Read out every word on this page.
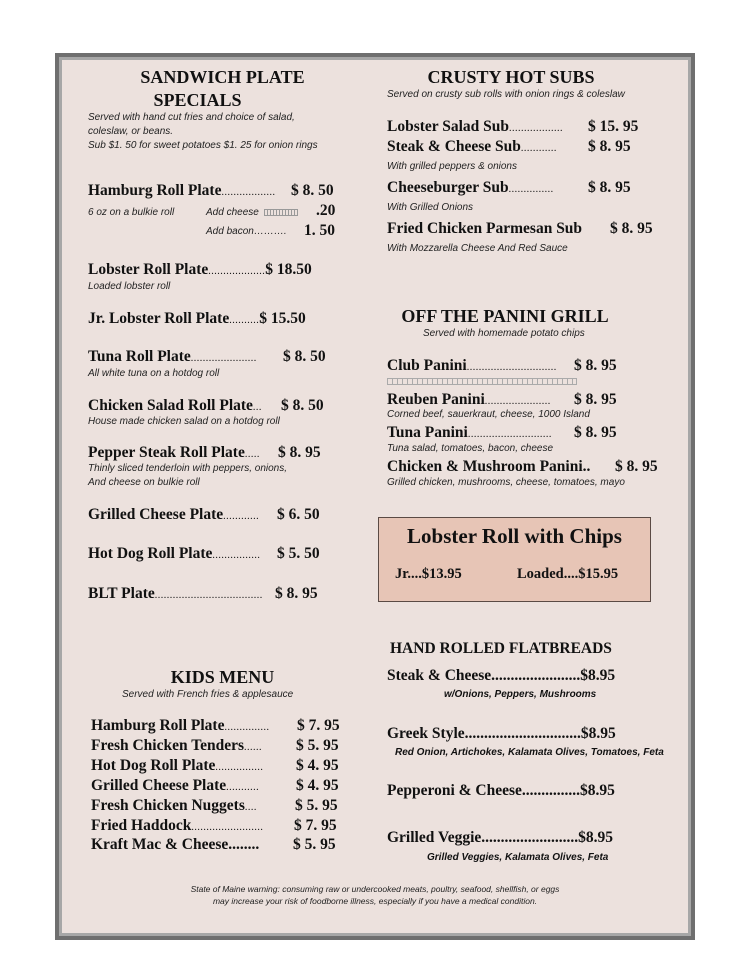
SANDWICH PLATE
SPECIALS
Served with hand cut fries and choice of salad,
coleslaw, or beans.
Sub $1. 50 for sweet potatoes $1. 25 for onion rings
Hamburg Roll Plate.................. $ 8. 50
6 oz on a bulkie roll	Add cheese	.20
Add bacon………. 1. 50
Lobster Roll Plate...................$ 18.50
Loaded lobster roll
Jr. Lobster Roll Plate..........$ 15.50
Tuna Roll Plate...................... $ 8. 50
All white tuna on a hotdog roll
Chicken Salad Roll Plate... $ 8. 50
House made chicken salad on a hotdog roll
Pepper Steak Roll Plate..... $ 8. 95
Thinly sliced tenderloin with peppers, onions,
And cheese on bulkie roll
Grilled Cheese Plate............ $ 6. 50
Hot Dog Roll Plate................ $ 5. 50
BLT Plate.................................... $ 8. 95
KIDS MENU
Served with French fries & applesauce
Hamburg Roll Plate............... $ 7. 95
Fresh Chicken Tenders...... $ 5. 95
Hot Dog Roll Plate................ $ 4. 95
Grilled Cheese Plate........... $ 4. 95
Fresh Chicken Nuggets.... $ 5. 95
Fried Haddock........................ $ 7. 95
Kraft Mac & Cheese........ $ 5. 95
CRUSTY HOT SUBS
Served on crusty sub rolls with onion rings & coleslaw
Lobster Salad Sub.................. $ 15. 95
Steak & Cheese Sub............ $ 8. 95
With grilled peppers & onions
Cheeseburger Sub............... $ 8. 95
With Grilled Onions
Fried Chicken Parmesan Sub $ 8. 95
With Mozzarella Cheese And Red Sauce
OFF THE PANINI GRILL
Served with homemade potato chips
Club Panini.............................. $ 8. 95
Reuben Panini...................... $ 8. 95
Corned beef, sauerkraut, cheese, 1000 Island
Tuna Panini............................ $ 8. 95
Tuna salad, tomatoes, bacon, cheese
Chicken & Mushroom Panini.. $ 8. 95
Grilled chicken, mushrooms, cheese, tomatoes, mayo
Lobster Roll with Chips
Jr....$13.95	Loaded....$15.95
HAND ROLLED FLATBREADS
Steak & Cheese.......................$8.95
w/Onions, Peppers, Mushrooms
Greek Style..............................$8.95
Red Onion, Artichokes, Kalamata Olives, Tomatoes, Feta
Pepperoni & Cheese...............$8.95
Grilled Veggie.........................$8.95
Grilled Veggies, Kalamata Olives, Feta
State of Maine warning: consuming raw or undercooked meats, poultry, seafood, shellfish, or eggs
may increase your risk of foodborne illness, especially if you have a medical condition.
